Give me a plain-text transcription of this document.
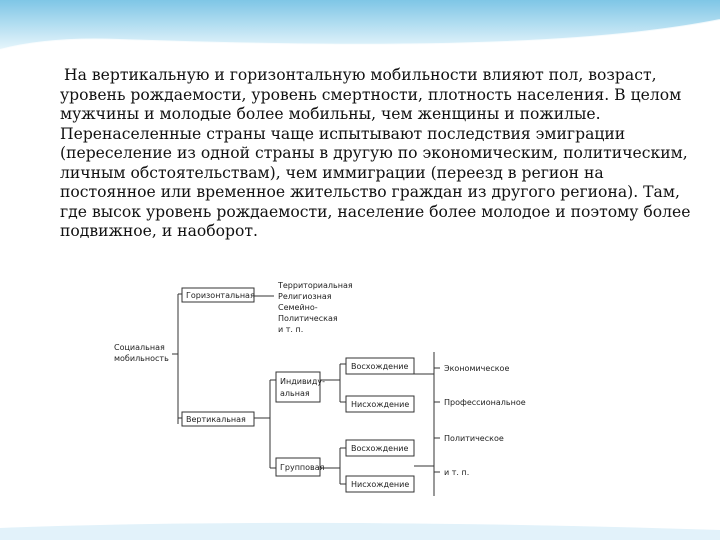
На вертикальную и горизонтальную мобильности влияют пол, возраст, уровень рождаемости, уровень смертности, плотность населения. В целом мужчины и молодые более мобильны, чем женщины и пожилые. Перенаселенные страны чаще испытывают последствия эмиграции (переселение из одной страны в другую по экономическим, политическим, личным обстоятельствам), чем иммиграции (переезд в регион на постоянное или временное жительство граждан из другого региона). Там, где высок уровень рождаемости, население более молодое и поэтому более подвижное, и наоборот.

Социальная
мобильность
Горизонтальная
Вертикальная
Территориальная
Религиозная
Семейно-
Политическая
и т. п.
Индивиду-
альная
Групповая
Восхождение
Нисхождение
Восхождение
Нисхождение
Экономическое
Профессиональное
Политическое
и т. п.
